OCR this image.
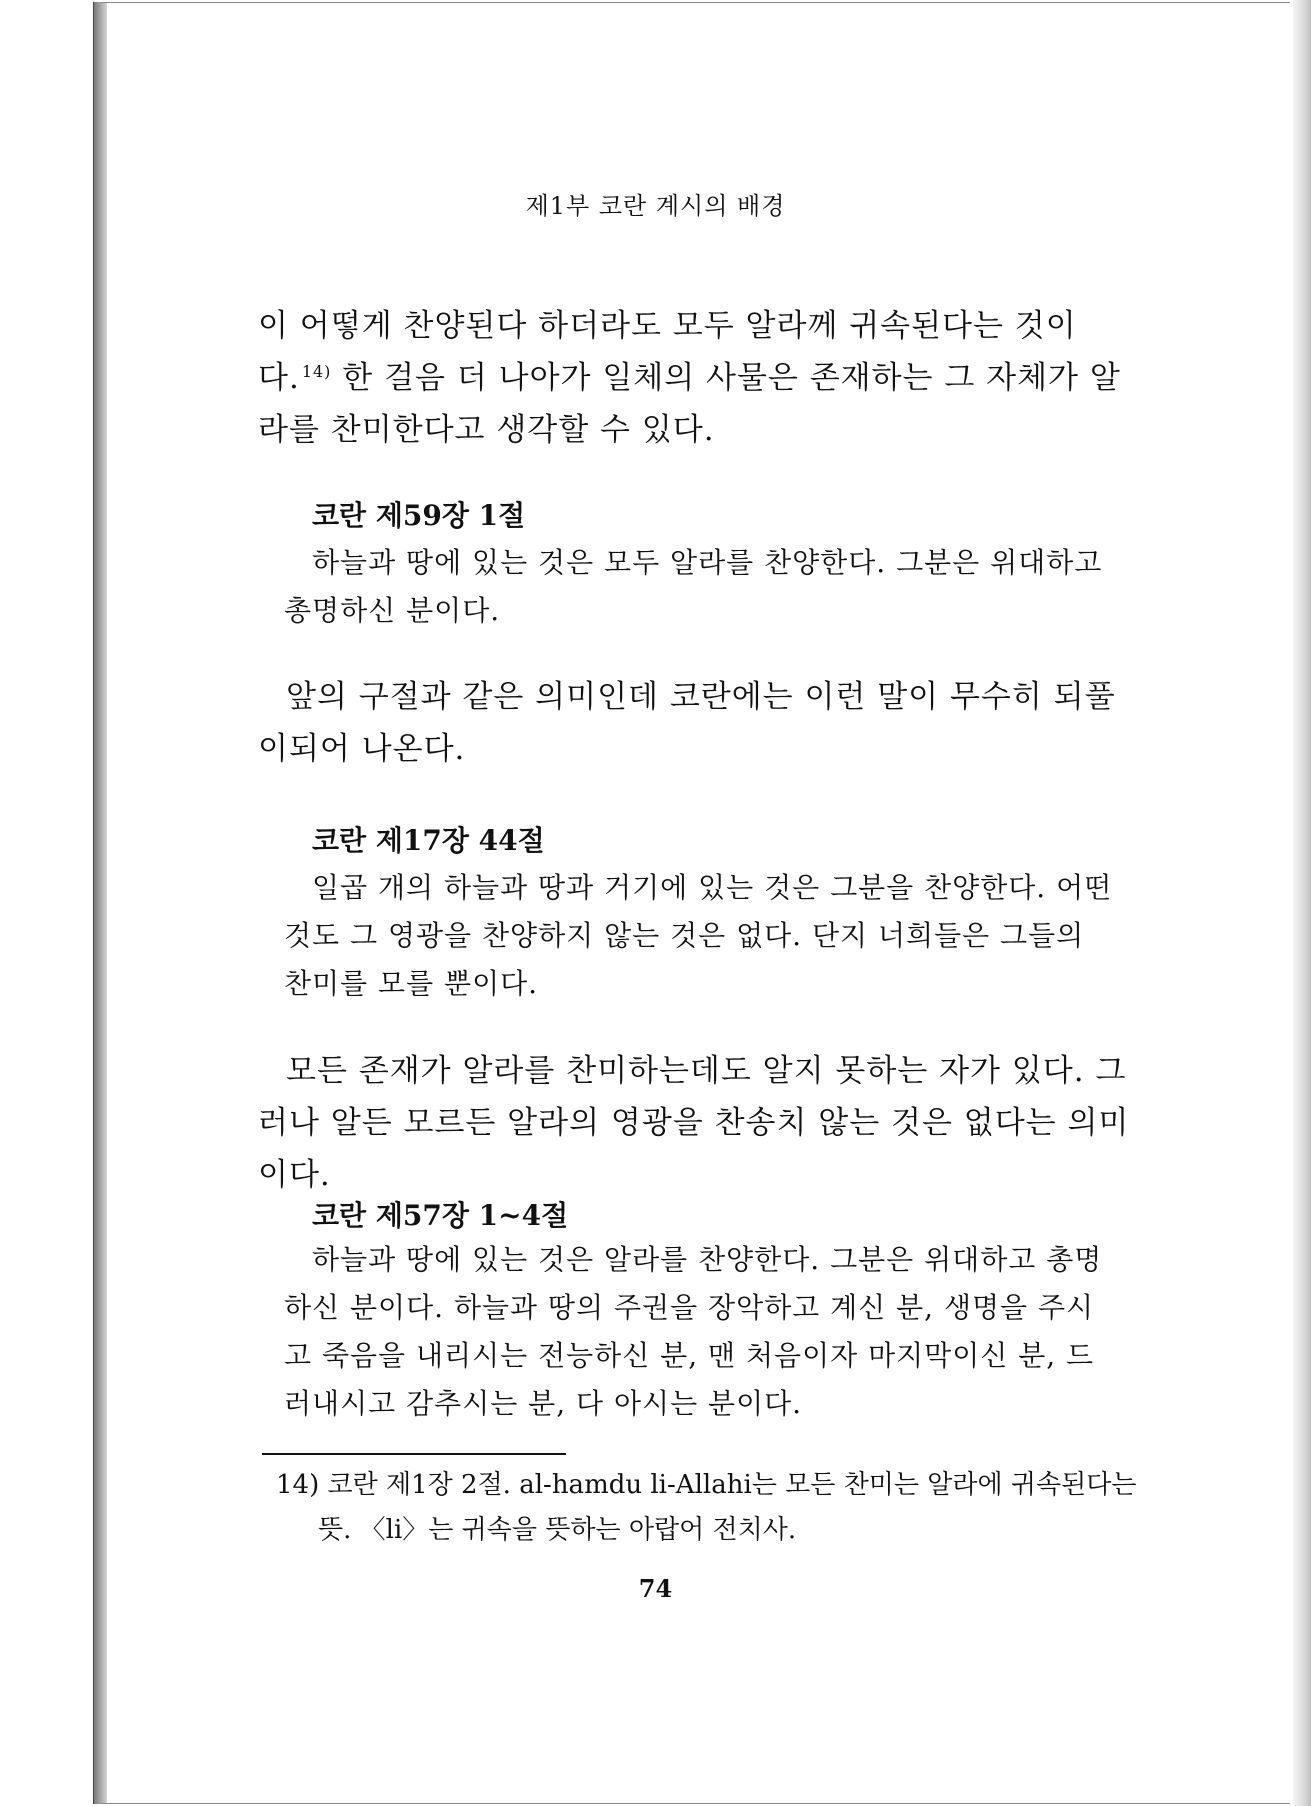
제1부 코란 계시의 배경
이 어떻게 찬양된다 하더라도 모두 알라께 귀속된다는 것이다. $^{14)}$ 한 걸음 더 나아가 일체의 사물은 존재하는 그 자체가 알라를 찬미한다고 생각할 수 있다.
코란 제59장 1절
하늘과 땅에 있는 것은 모두 알라를 찬양한다. 그분은 위대하고 총명하신 분이다.
앞의 구절과 같은 의미인데 코란에는 이런 말이 무수히 되풀이되어 나온다.
코란 제17장 44절
일곱 개의 하늘과 땅과 거기에 있는 것은 그분을 찬양한다. 어떤 것도 그 영광을 찬양하지 않는 것은 없다. 단지 너희들은 그들의 찬미를 모를 뿐이다.
모든 존재가 알라를 찬미하는데도 알지 못하는 자가 있다. 그러나 알든 모르든 알라의 영광을 찬송치 않는 것은 없다는 의미이다.
코란 제57장 1~4절
하늘과 땅에 있는 것은 알라를 찬양한다. 그분은 위대하고 총명하신 분이다. 하늘과 땅의 주권을 장악하고 계신 분, 생명을 주시고 죽음을 내리시는 전능하신 분, 맨 처음이자 마지막이신 분, 드러내시고 감추시는 분, 다 아시는 분이다.
14) 코란 제1장 2절. al-hamdu li-Allahi는 모든 찬미는 알라에 귀속된다는
뜻. 〈li〉는 귀속을 뜻하는 아랍어 전치사.
74
